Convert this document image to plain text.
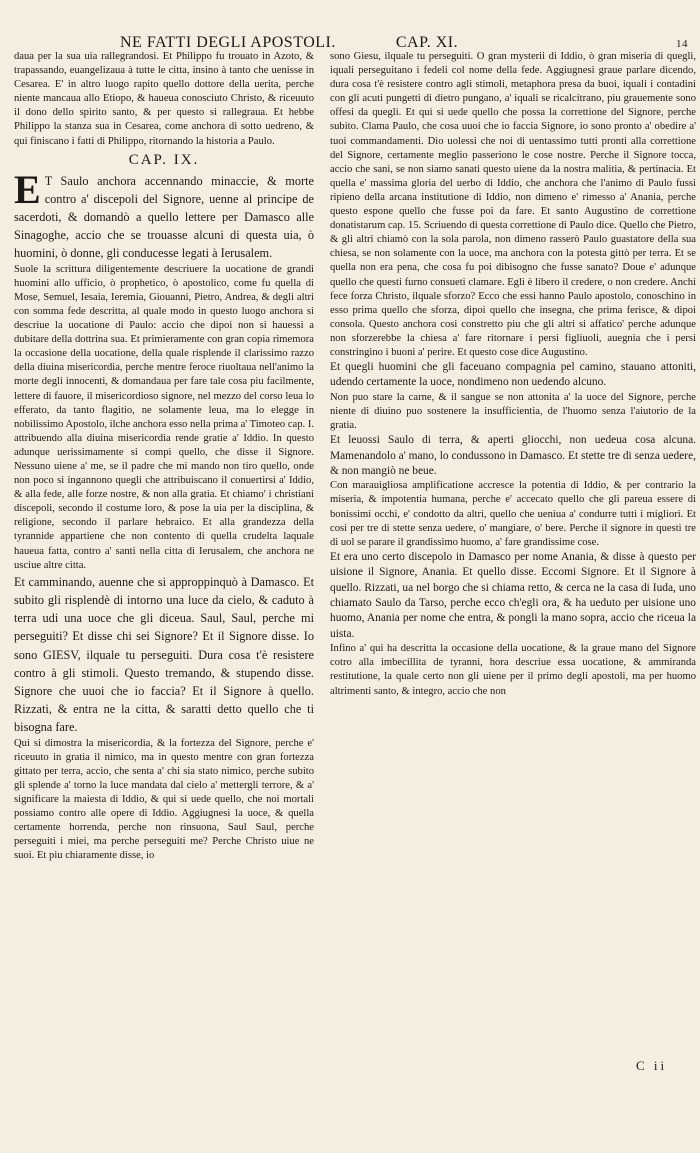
NE FATTI DEGLI APOSTOLI.	CAP. XI.	14

daua per la sua uia rallegrandosi. Et Philippo fu trouato in Azoto, & trapassando, euangelizaua à tutte le citta, insino à tanto che uenisse in Cesarea. E' in altro luogo rapito quello dottore della uerita, perche niente mancaua allo Etiopo, & haueua conosciuto Christo, & riceuuto il dono dello spirito santo, & per questo si rallegraua. Et hebbe Philippo la stanza sua in Cesarea, come anchora di sotto uedreno, & qui finiscano i fatti di Philippo, ritornando la historia a Paulo.

CAP. IX.

E T Saulo anchora accennando minaccie, & morte contro a' discepoli del Signore, uenne al principe de sacerdoti, & domandò a quello lettere per Damasco alle Sinagoghe, accio che se trouasse alcuni di questa uia, ò huomini, ò donne, gli conducesse legati à Ierusalem.

Suole la scrittura diligentemente descriuere la uocatione de grandi huomini allo ufficio, ò prophetico, ò apostolico, come fu quella di Mose, Semuel, Iesaia, Ieremia, Giouanni, Pietro, Andrea, & degli altri con somma fede descritta, al quale modo in questo luogo anchora si descriue la uocatione di Paulo: accio che dipoi non si hauessi a dubitare della dottrina sua. Et primieramente con gran copia rimemora la occasione della uocatione, della quale risplende il clarissimo razzo della diuina misericordia, perche mentre feroce riuoltaua nell'animo la morte degli innocenti, & domandaua per fare tale cosa piu facilmente, lettere di fauore, il misericordioso signore, nel mezzo del corso leua lo efferato, da tanto flagitio, ne solamente leua, ma lo elegge in nobilissimo Apostolo, ilche anchora esso nella prima a' Timoteo cap. I. attribuendo alla diuina misericordia rende gratie a' Iddio. In questo adunque uerissimamente si compì quello, che disse il Signore. Nessuno uiene a' me, se il padre che mi mando non tiro quello, onde non poco si ingannono quegli che attribuiscano il conuertirsi a' Iddio, & alla fede, alle forze nostre, & non alla gratia. Et chiamo' i christiani discepoli, secondo il costume loro, & pose la uia per la disciplina, & religione, secondo il parlare hebraico. Et alla grandezza della tyrannide appartiene che non contento di quella crudelta laquale haueua fatta, contro a' santi nella citta di Ierusalem, che anchora ne usciue altre citta.

Et camminando, auenne che si approppinquò à Damasco. Et subito gli risplendè di intorno una luce da cielo, & caduto à terra udi una uoce che gli diceua. Saul, Saul, perche mi perseguiti? Et disse chi sei Signore? Et il Signore disse. Io sono GIESV, ilquale tu perseguiti. Dura cosa t'è resistere contro à gli stimoli. Questo tremando, & stupendo disse. Signore che uuoi che io faccia? Et il Signore à quello. Rizzati, & entra ne la citta, & saratti detto quello che ti bisogna fare.

Qui si dimostra la misericordia, & la fortezza del Signore, perche e' riceuuto in gratia il nimico, ma in questo mentre con gran fortezza gittato per terra, accio, che senta a' chi sia stato nimico, perche subito gli splende a' torno la luce mandata dal cielo a' mettergli terrore, & a' significare la maiesta di Iddio, & qui si uede quello, che noi mortali possiamo contro alle opere di Iddio. Aggiugnesi la uoce, & quella certamente horrenda, perche non rinsuona, Saul Saul, perche perseguiti i miei, ma perche perseguiti me? Perche Christo uiue ne suoi. Et piu chiaramente disse, io

sono Giesu, ilquale tu perseguiti. O gran mysterii di Iddio, ò gran miseria di quegli, iquali perseguitano i fedeli col nome della fede. Aggiugnesi graue parlare dicendo, dura cosa t'è resistere contro agli stimoli, metaphora presa da buoi, iquali i contadini con gli acuti pungetti di dietro pungano, a' iquali se ricalcitrano, piu grauemente sono offesi da quegli. Et qui si uede quello che possa la correttione del Signore, perche subito. Clama Paulo, che cosa uuoi che io faccia Signore, io sono pronto a' obedire a' tuoi commandamenti. Dio uolessi che noi di uentassimo tutti pronti alla correttione del Signore, certamente meglio passeriono le cose nostre. Perche il Signore tocca, accio che sani, se non siamo sanati questo uiene da la nostra malitia, & pertinacia. Et quella e' massima gloria del uerbo di Iddio, che anchora che l'animo di Paulo fussi ripieno della arcana institutione di Iddio, non dimeno e' rimesso a' Anania, perche questo espone quello che fusse poi da fare. Et santo Augustino de correttione donatistarum cap. 15. Scriuendo di questa correttione di Paulo dice. Quello che Pietro, & gli altri chiamò con la sola parola, non dimeno rasserò Paulo guastatore della sua chiesa, se non solamente con la uoce, ma anchora con la potesta gittò per terra. Et se quella non era pena, che cosa fu poi dibisogno che fusse sanato? Doue e' adunque quello che questi furno consueti clamare. Egli è libero il credere, o non credere. Anchi fece forza Christo, ilquale sforzo? Ecco che essi hanno Paulo apostolo, conoschino in esso prima quello che sforza, dipoi quello che insegna, che prima ferisce, & dipoi consola. Questo anchora cosi constretto piu che gli altri si affatico' perche adunque non sforzerebbe la chiesa a' fare ritornare i persi figliuoli, auegnia che i persi constringino i buoni a' perire. Et questo cose dice Augustino.

Et quegli huomini che gli faceuano compagnia pel camino, stauano attoniti, udendo certamente la uoce, nondimeno non uedendo alcuno.

Non puo stare la carne, & il sangue se non attonita a' la uoce del Signore, perche niente di diuino puo sostenere la insufficientia, de l'huomo senza l'aiutorio de la gratia.

Et leuossi Saulo di terra, & aperti gliocchi, non uedeua cosa alcuna. Mamenandolo a' mano, lo condussono in Damasco. Et stette tre di senza uedere, & non mangiò ne beue.

Con marauigliosa amplificatione accresce la potentia di Iddio, & per contrario la miseria, & impotentia humana, perche e' accecato quello che gli pareua essere di bonissimi occhi, e' condotto da altri, quello che ueniua a' condurre tutti i migliori. Et cosi per tre di stette senza uedere, o' mangiare, o' bere. Perche il signore in questi tre di uol se parare il grandissimo huomo, a' fare grandissime cose.

Et era uno certo discepolo in Damasco per nome Anania, & disse à questo per uisione il Signore, Anania. Et quello disse. Eccomi Signore. Et il Signore à quello. Rizzati, ua nel borgo che si chiama retto, & cerca ne la casa di Iuda, uno chiamato Saulo da Tarso, perche ecco ch'egli ora, & ha ueduto per uisione uno huomo, Anania per nome che entra, & pongli la mano sopra, accio che riceua la uista.

Infino a' qui ha descritta la occasione della uocatione, & la graue mano del Signore cotro alla imbecillita de tyranni, hora descriue essa uocatione, & ammiranda restitutione, la quale certo non gli uiene per il primo degli apostoli, ma per huomo altrimenti santo, & integro, accio che non

C ii
